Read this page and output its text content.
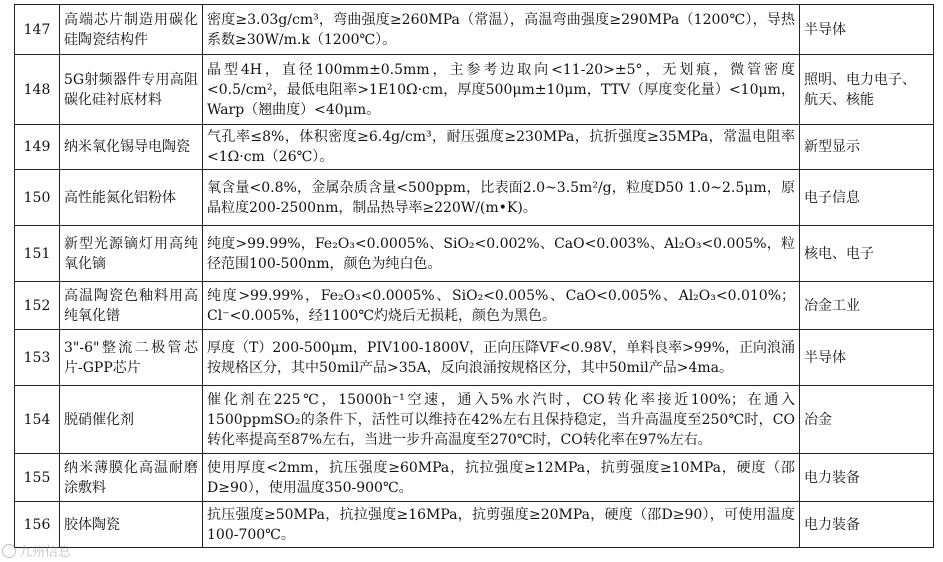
147	高端芯片制造用碳化硅陶瓷结构件	密度≥3.03g/cm³，弯曲强度≥260MPa（常温），高温弯曲强度≥290MPa（1200℃），导热系数≥30W/m.k（1200℃）。	半导体
148	5G射频器件专用高阻碳化硅衬底材料	晶型4H，直径100mm±0.5mm，主参考边取向<11-20>±5°，无划痕，微管密度<0.5/cm²，最低电阻率>1E10Ω·cm，厚度500μm±10μm，TTV（厚度变化量）<10μm，Warp（翘曲度）<40μm。	照明、电力电子、航天、核能
149	纳米氧化锡导电陶瓷	气孔率≤8%，体积密度≥6.4g/cm³，耐压强度≥230MPa，抗折强度≥35MPa，常温电阻率<1Ω·cm（26℃）。	新型显示
150	高性能氮化铝粉体	氧含量<0.8%，金属杂质含量<500ppm，比表面2.0~3.5m²/g，粒度D50 1.0~2.5μm，原晶粒度200-2500nm，制品热导率≥220W/(m•K)。	电子信息
151	新型光源镝灯用高纯氧化镝	纯度>99.99%，Fe₂O₃<0.0005%、SiO₂<0.002%、CaO<0.003%、Al₂O₃<0.005%，粒径范围100-500nm，颜色为纯白色。	核电、电子
152	高温陶瓷色釉料用高纯氧化镨	纯度>99.99%，Fe₂O₃<0.0005%、SiO₂<0.005%、CaO<0.005%、Al₂O₃<0.010%；Cl⁻<0.005%，经1100℃灼烧后无损耗，颜色为黑色。	冶金工业
153	3"-6"整流二极管芯片-GPP芯片	厚度（T）200-500μm，PIV100-1800V，正向压降VF<0.98V，单料良率>99%，正向浪涌按规格区分，其中50mil产品>35A，反向浪涌按规格区分，其中50mil产品>4ma。	半导体
154	脱硝催化剂	催化剂在225℃，15000h⁻¹空速，通入5%水汽时，CO转化率接近100%；在通入1500ppmSO₂的条件下，活性可以维持在42%左右且保持稳定，当升高温度至250℃时，CO转化率提高至87%左右，当进一步升高温度至270℃时，CO转化率在97%左右。	冶金
155	纳米薄膜化高温耐磨涂敷料	使用厚度<2mm，抗压强度≥60MPa，抗拉强度≥12MPa，抗剪强度≥10MPa，硬度（邵D≥90），使用温度350-900℃。	电力装备
156	胶体陶瓷	抗压强度≥50MPa，抗拉强度≥16MPa，抗剪强度≥20MPa，硬度（邵D≥90），可使用温度100-700℃。	电力装备
九州信息
